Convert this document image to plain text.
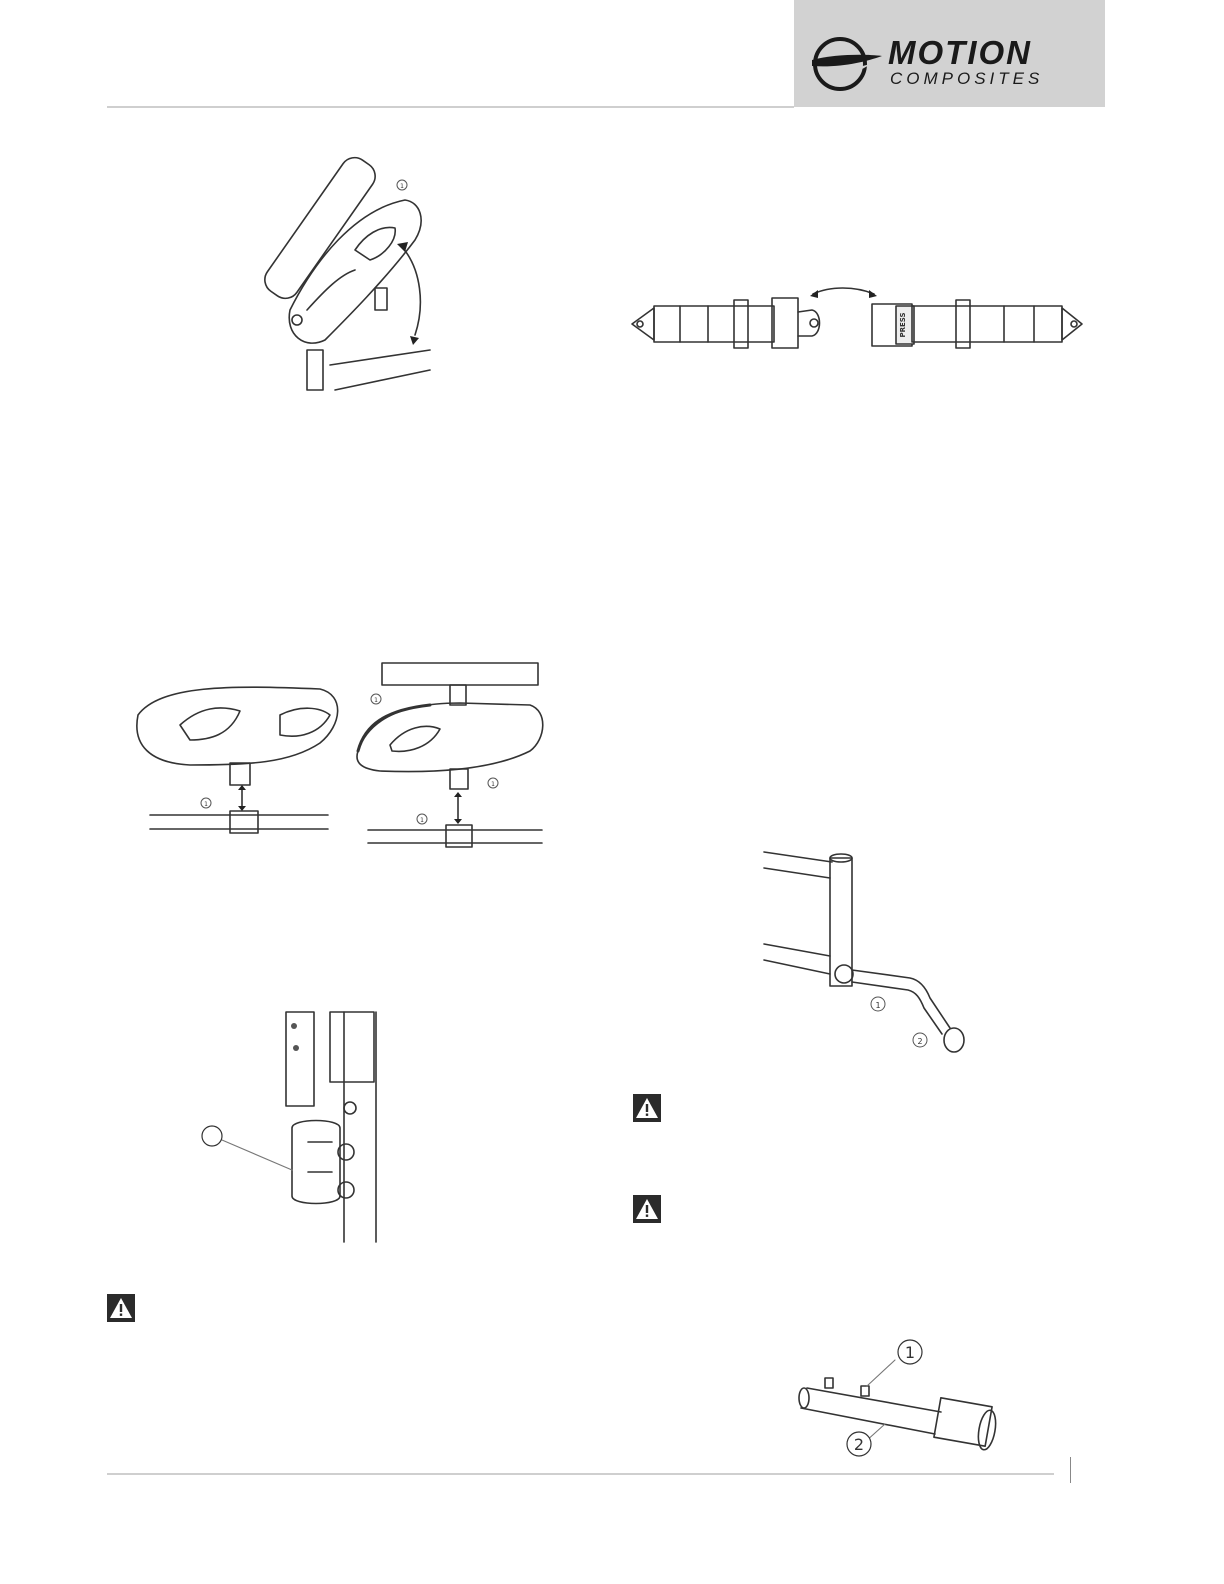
MOTION
COMPOSITES
1
PRESS
1
1
1
1
1
2
1
2
